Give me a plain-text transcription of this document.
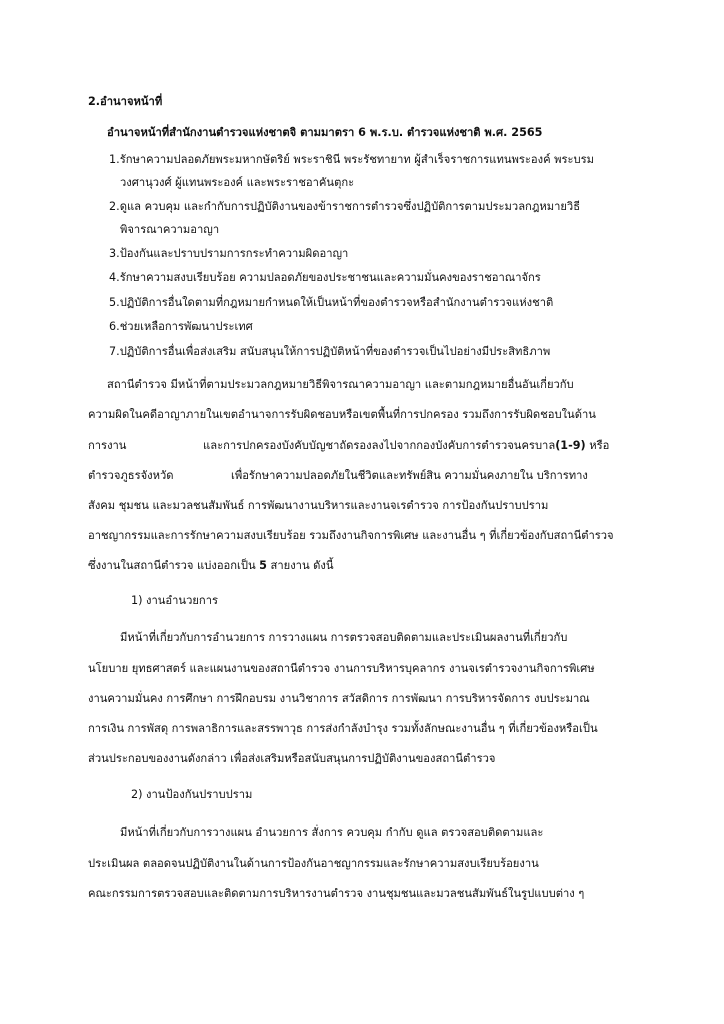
2.อำนาจหน้าที่
อำนาจหน้าที่สำนักงานตำรวจแห่งชาตจิ ตามมาตรา 6 พ.ร.บ. ตำรวจแห่งชาติ พ.ศ. 2565
1.รักษาความปลอดภัยพระมหากษัตริย์ พระราชินี พระรัชทายาท ผู้สำเร็จราชการแทนพระองค์ พระบรม
วงศานุวงศ์ ผู้แทนพระองค์ และพระราชอาคันตุกะ
2.ดูแล ควบคุม และกำกับการปฏิบัติงานของข้าราชการตำรวจซึ่งปฏิบัติการตามประมวลกฎหมายวิธี
พิจารณาความอาญา
3.ป้องกันและปราบปรามการกระทำความผิดอาญา
4.รักษาความสงบเรียบร้อย ความปลอดภัยของประชาชนและความมั่นคงของราชอาณาจักร
5.ปฏิบัติการอื่นใดตามที่กฎหมายกำหนดให้เป็นหน้าที่ของตำรวจหรือสำนักงานตำรวจแห่งชาติ
6.ช่วยเหลือการพัฒนาประเทศ
7.ปฏิบัติการอื่นเพื่อส่งเสริม สนับสนุนให้การปฏิบัติหน้าที่ของตำรวจเป็นไปอย่างมีประสิทธิภาพ
สถานีตำรวจ มีหน้าที่ตามประมวลกฎหมายวิธีพิจารณาความอาญา และตามกฎหมายอื่นอันเกี่ยวกับ
ความผิดในคดีอาญาภายในเขตอำนาจการรับผิดชอบหรือเขตพื้นที่การปกครอง รวมถึงการรับผิดชอบในด้าน
การงาน	และการปกครองบังคับบัญชาถัดรองลงไปจากกองบังคับการตำรวจนครบาล(1-9) หรือ
ตำรวจภูธรจังหวัด	เพื่อรักษาความปลอดภัยในชีวิตและทรัพย์สิน ความมั่นคงภายใน บริการทาง
สังคม ชุมชน และมวลชนสัมพันธ์ การพัฒนางานบริหารและงานจเรตำรวจ การป้องกันปราบปราม
อาชญากรรมและการรักษาความสงบเรียบร้อย รวมถึงงานกิจการพิเศษ และงานอื่น ๆ ที่เกี่ยวข้องกับสถานีตำรวจ
ซึ่งงานในสถานีตำรวจ แบ่งออกเป็น 5 สายงาน ดังนี้
1) งานอำนวยการ
มีหน้าที่เกี่ยวกับการอำนวยการ การวางแผน การตรวจสอบติดตามและประเมินผลงานที่เกี่ยวกับ
นโยบาย ยุทธศาสตร์ และแผนงานของสถานีตำรวจ งานการบริหารบุคลากร งานจเรตำรวจงานกิจการพิเศษ
งานความมั่นคง การศึกษา การฝึกอบรม งานวิชาการ สวัสดิการ การพัฒนา การบริหารจัดการ งบประมาณ
การเงิน การพัสดุ การพลาธิการและสรรพาวุธ การส่งกำลังบำรุง รวมทั้งลักษณะงานอื่น ๆ ที่เกี่ยวข้องหรือเป็น
ส่วนประกอบของงานดังกล่าว เพื่อส่งเสริมหรือสนับสนุนการปฏิบัติงานของสถานีตำรวจ
2) งานป้องกันปราบปราม
มีหน้าที่เกี่ยวกับการวางแผน อำนวยการ สั่งการ ควบคุม กำกับ ดูแล ตรวจสอบติดตามและ
ประเมินผล ตลอดจนปฏิบัติงานในด้านการป้องกันอาชญากรรมและรักษาความสงบเรียบร้อยงาน
คณะกรรมการตรวจสอบและติดตามการบริหารงานตำรวจ งานชุมชนและมวลชนสัมพันธ์ในรูปแบบต่าง ๆ
